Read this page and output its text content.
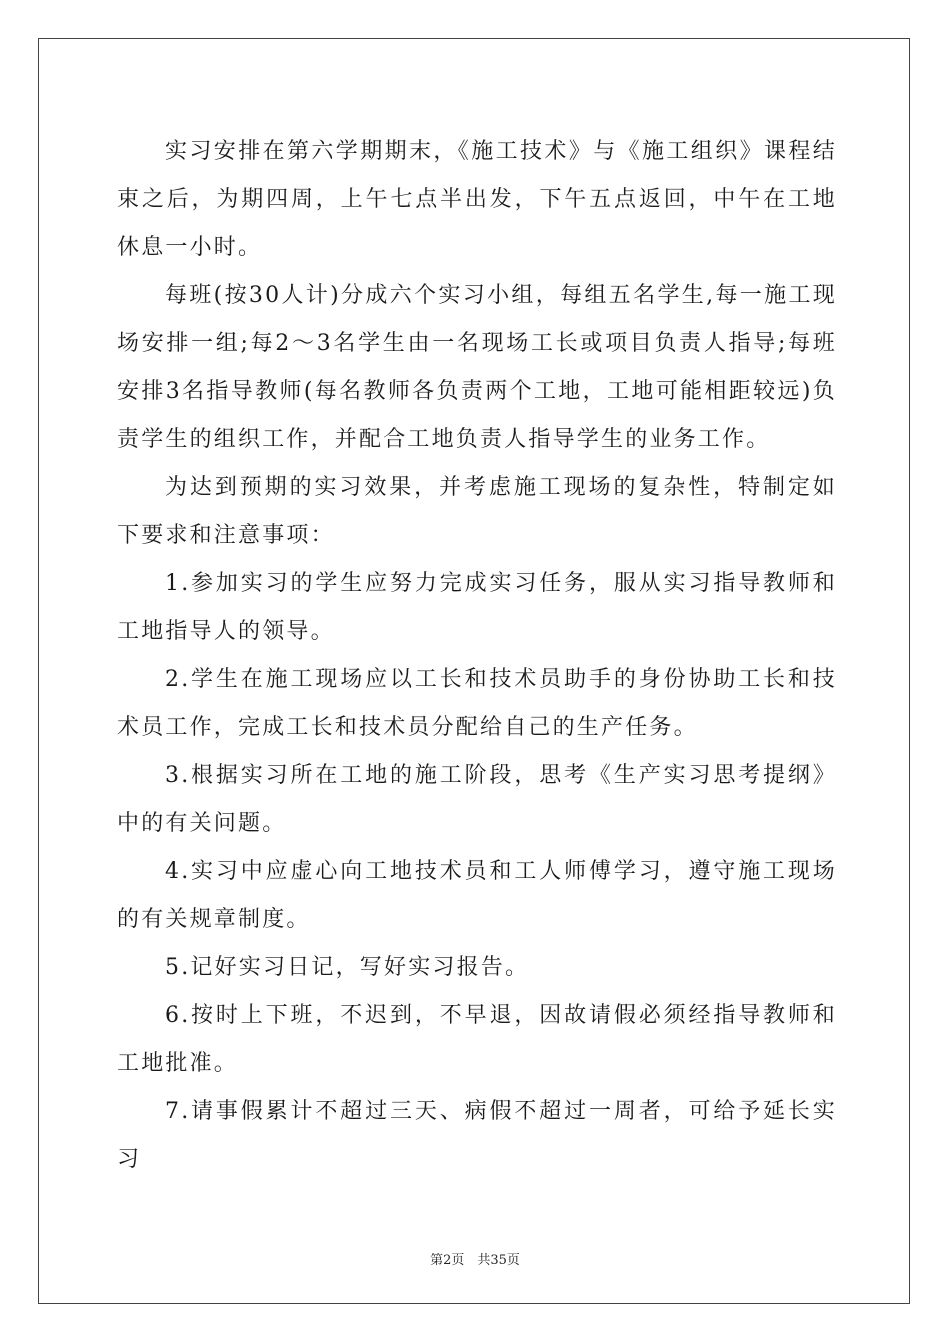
实习安排在第六学期期末，《施工技术》与《施工组织》课程结束之后，为期四周，上午七点半出发，下午五点返回，中午在工地休息一小时。

每班(按30人计)分成六个实习小组，每组五名学生,每一施工现场安排一组;每2～3名学生由一名现场工长或项目负责人指导;每班安排3名指导教师(每名教师各负责两个工地，工地可能相距较远)负责学生的组织工作，并配合工地负责人指导学生的业务工作。

为达到预期的实习效果，并考虑施工现场的复杂性，特制定如下要求和注意事项：

1.参加实习的学生应努力完成实习任务，服从实习指导教师和工地指导人的领导。

2.学生在施工现场应以工长和技术员助手的身份协助工长和技术员工作，完成工长和技术员分配给自己的生产任务。

3.根据实习所在工地的施工阶段，思考《生产实习思考提纲》中的有关问题。

4.实习中应虚心向工地技术员和工人师傅学习，遵守施工现场的有关规章制度。

5.记好实习日记，写好实习报告。

6.按时上下班，不迟到，不早退，因故请假必须经指导教师和工地批准。

7.请事假累计不超过三天、病假不超过一周者，可给予延长实习

第2页　共35页
